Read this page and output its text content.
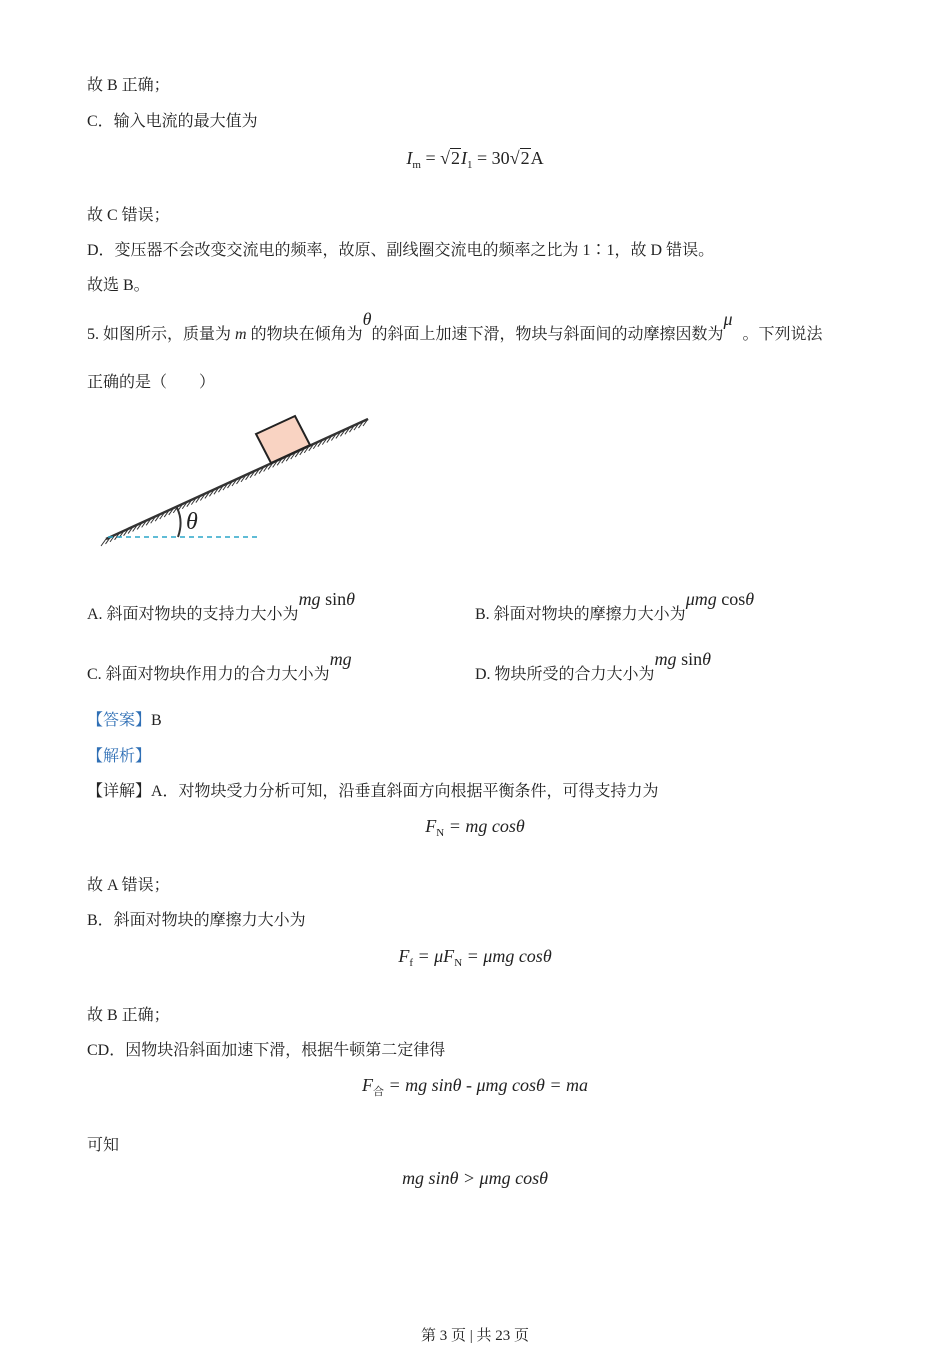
故 B 正确；
C．输入电流的最大值为
$I_m = √2I_1 = 30√2A$
故 C 错误；
D．变压器不会改变交流电的频率，故原、副线圈交流电的频率之比为 1∶1，故 D 错误。
故选 B。
5. 如图所示，质量为 m 的物块在倾角为θ的斜面上加速下滑，物块与斜面间的动摩擦因数为μ。下列说法
正确的是（　　）
θ
A. 斜面对物块的支持力大小为mg sinθ
B. 斜面对物块的摩擦力大小为μmg cosθ
C. 斜面对物块作用力的合力大小为mg
D. 物块所受的合力大小为mg sinθ
【答案】B
【解析】
【详解】A．对物块受力分析可知，沿垂直斜面方向根据平衡条件，可得支持力为
$F_N$ = mg cosθ
故 A 错误；
B．斜面对物块的摩擦力大小为
$F_f = \mu F_N = \mu mg$ cosθ
故 B 正确；
CD．因物块沿斜面加速下滑，根据牛顿第二定律得
$F_合$ = mg sinθ - μmg cosθ = ma
可知
mg sinθ > μmg cosθ
第 3 页 | 共 23 页
